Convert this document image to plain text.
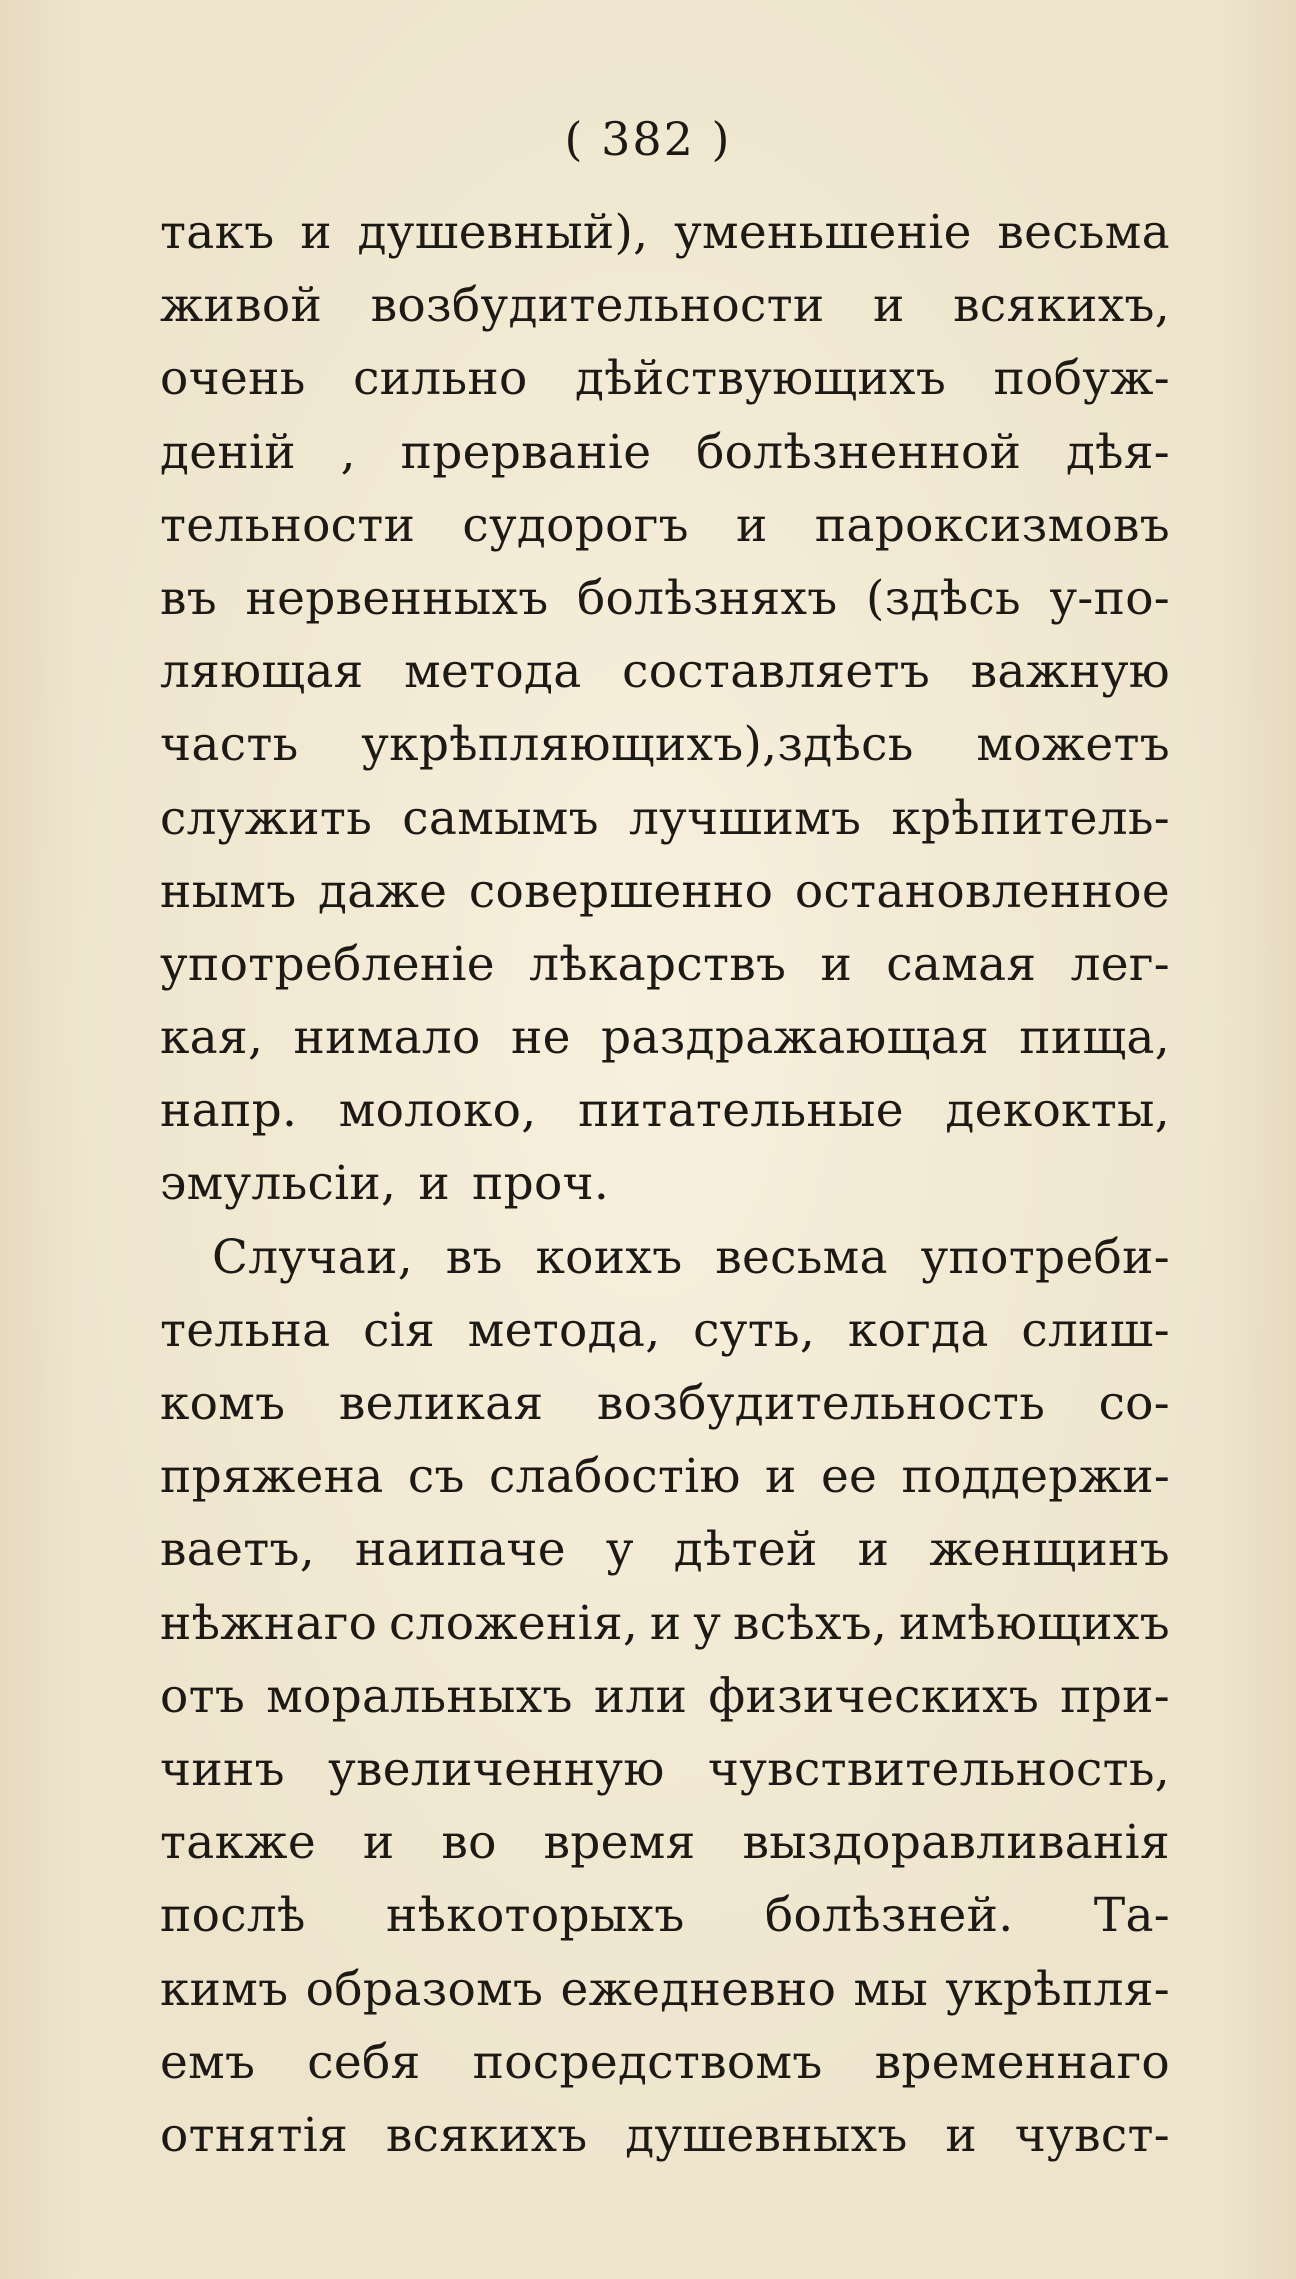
( 382 )
такъ и душевный), уменьшенiе весьма
живой возбудительности и всякихъ,
очень сильно дѣйствующихъ побуж-
денiй , прерванiе болѣзненной дѣя-
тельности судорогъ и пароксизмовъ
въ нервенныхъ болѣзняхъ (здѣсь у-по-
ляющая метода составляетъ важную
часть укрѣпляющихъ),здѣсь можетъ
служить самымъ лучшимъ крѣпитель-
нымъ даже совершенно остановленное
употребленiе лѣкарствъ и самая лег-
кая, нимало не раздражающая пища,
напр. молоко, питательные декокты,
эмульсiи, и проч.
Случаи, въ коихъ весьма употреби-
тельна сiя метода, суть, когда слиш-
комъ великая возбудительность со-
пряжена съ слабостiю и ее поддержи-
ваетъ, наипаче у дѣтей и женщинъ
нѣжнаго сложенiя, и у всѣхъ, имѣющихъ
отъ моральныхъ или физическихъ при-
чинъ увеличенную чувствительность,
также и во время выздоравливанiя
послѣ нѣкоторыхъ болѣзней. Та-
кимъ образомъ ежедневно мы укрѣпля-
емъ себя посредствомъ временнаго
отнятiя всякихъ душевныхъ и чувст-
